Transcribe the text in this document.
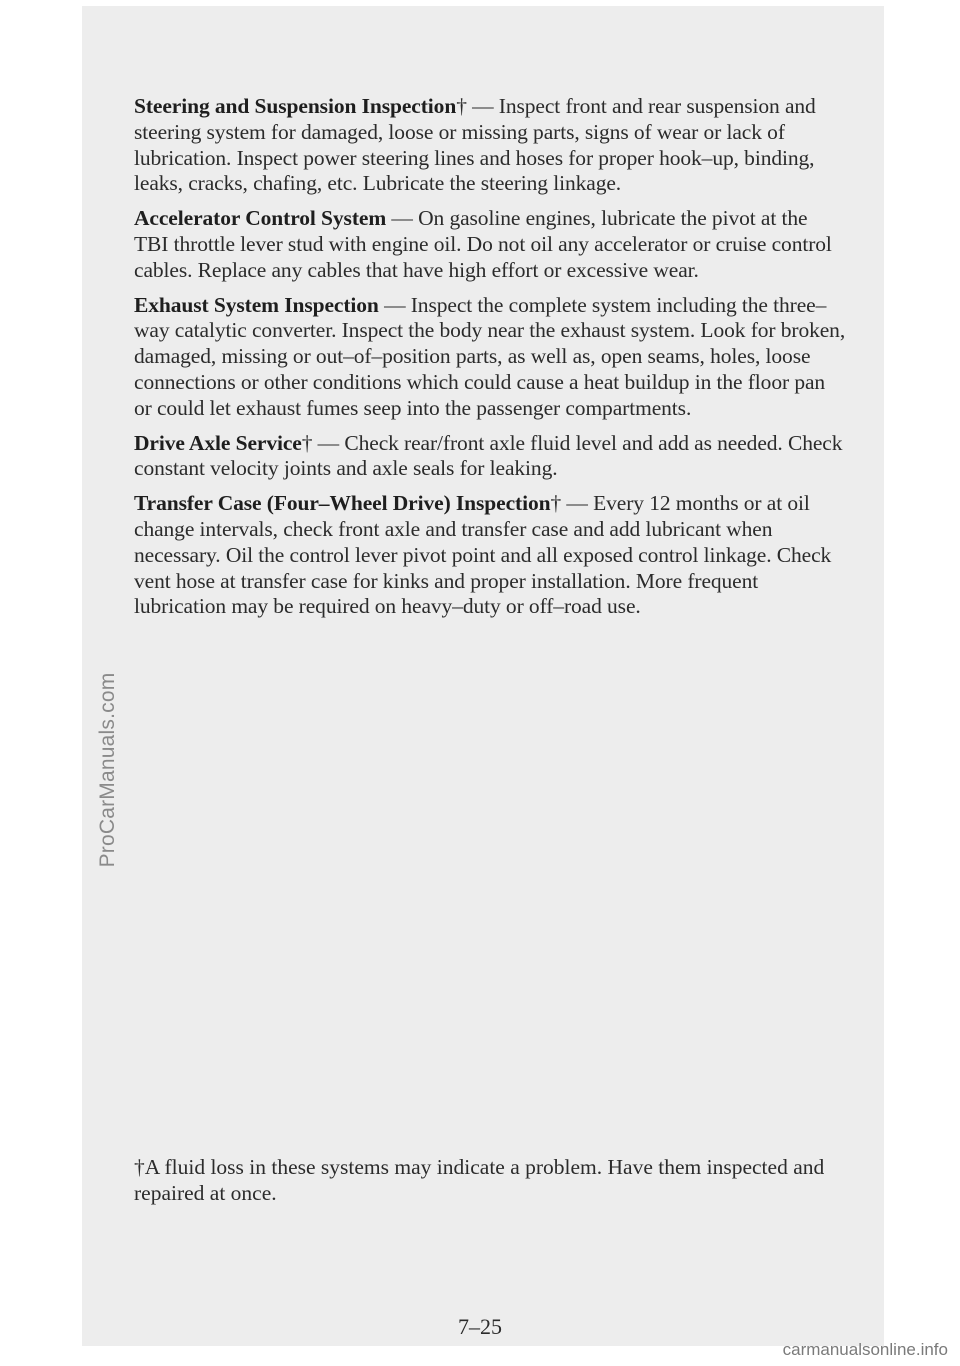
Steering and Suspension Inspection† — Inspect front and rear suspension and steering system for damaged, loose or missing parts, signs of wear or lack of lubrication. Inspect power steering lines and hoses for proper hook–up, binding, leaks, cracks, chafing, etc. Lubricate the steering linkage.

Accelerator Control System — On gasoline engines, lubricate the pivot at the TBI throttle lever stud with engine oil. Do not oil any accelerator or cruise control cables. Replace any cables that have high effort or excessive wear.

Exhaust System Inspection — Inspect the complete system including the three–way catalytic converter. Inspect the body near the exhaust system. Look for broken, damaged, missing or out–of–position parts, as well as, open seams, holes, loose connections or other conditions which could cause a heat buildup in the floor pan or could let exhaust fumes seep into the passenger compartments.

Drive Axle Service† — Check rear/front axle fluid level and add as needed. Check constant velocity joints and axle seals for leaking.

Transfer Case (Four–Wheel Drive) Inspection† — Every 12 months or at oil change intervals, check front axle and transfer case and add lubricant when necessary. Oil the control lever pivot point and all exposed control linkage. Check vent hose at transfer case for kinks and proper installation. More frequent lubrication may be required on heavy–duty or off–road use.

†A fluid loss in these systems may indicate a problem. Have them inspected and repaired at once.

7–25
ProCarManuals.com
carmanualsonline.info
